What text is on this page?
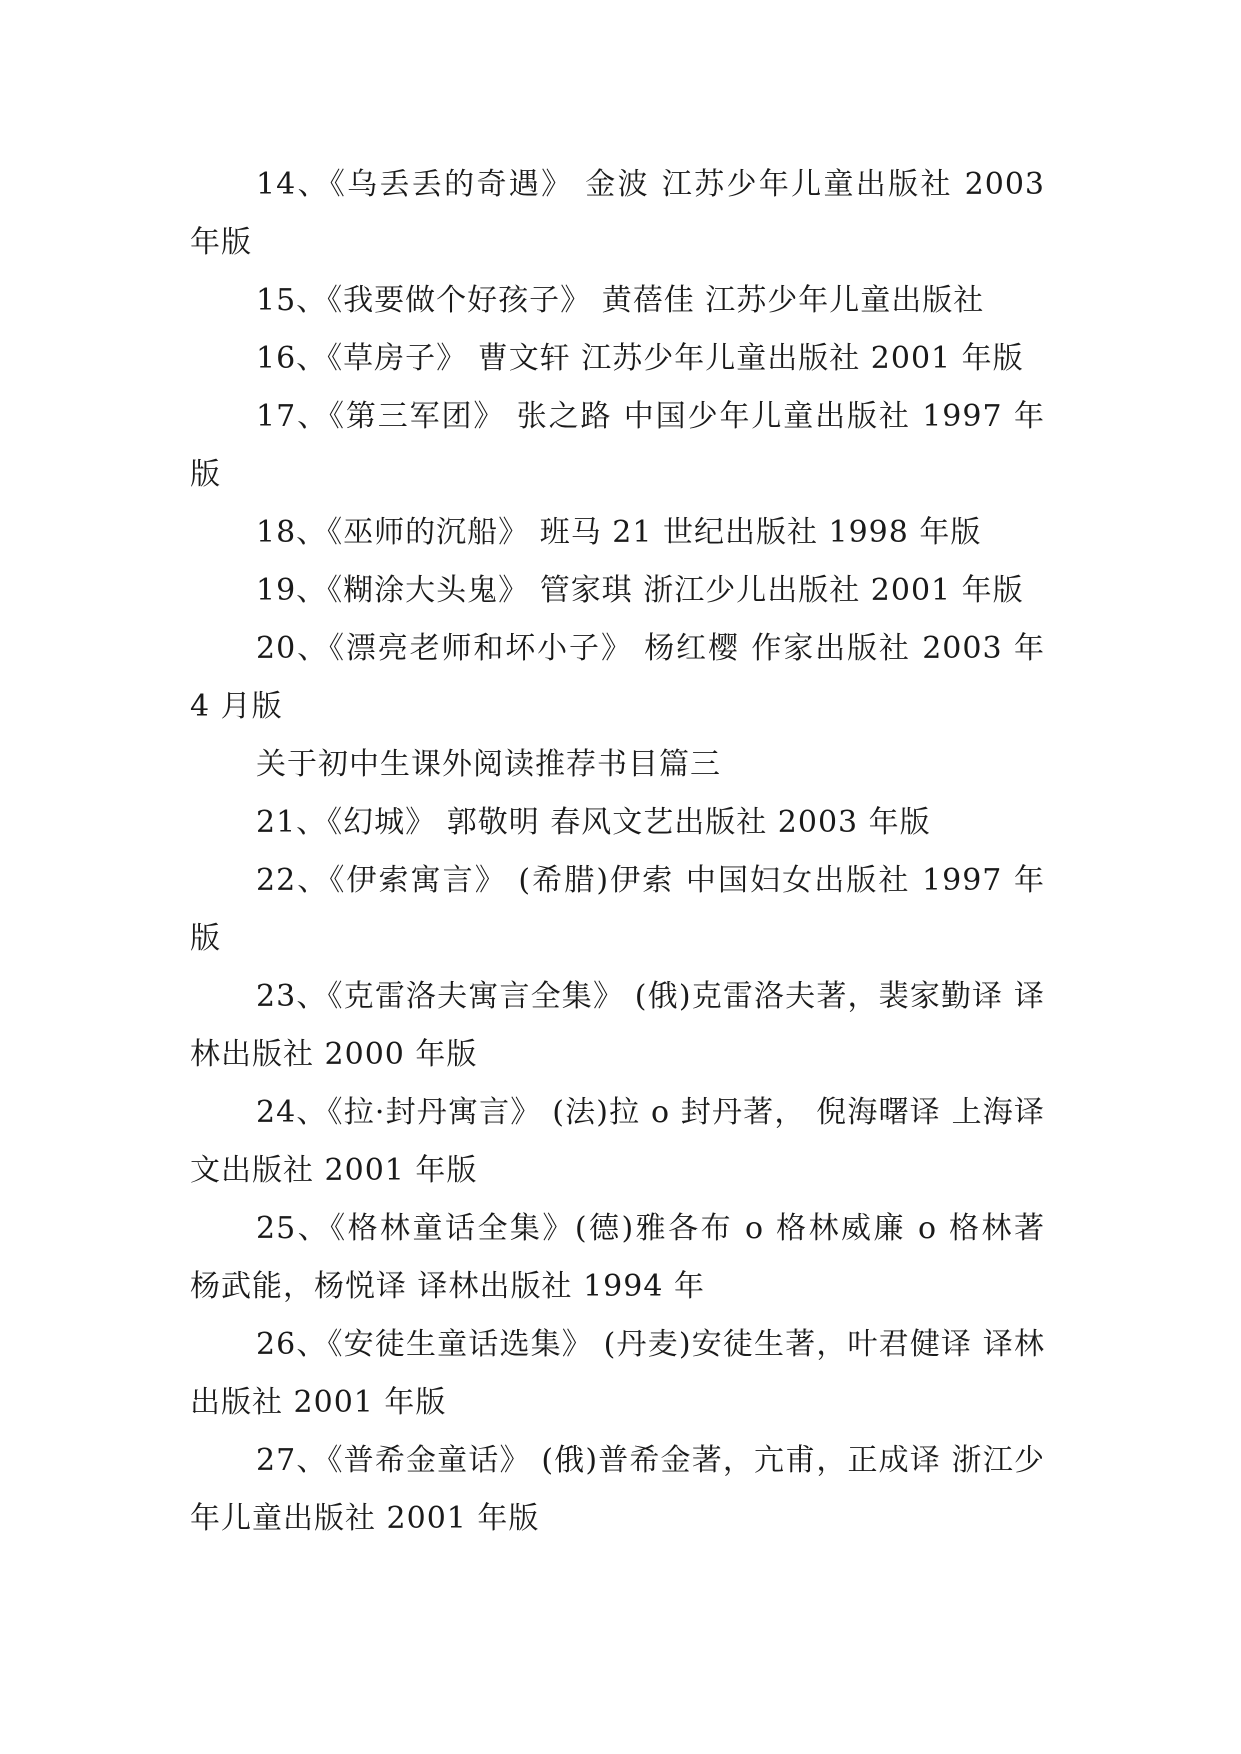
14、《乌丢丢的奇遇》 金波 江苏少年儿童出版社 2003 年版

15、《我要做个好孩子》 黄蓓佳 江苏少年儿童出版社

16、《草房子》 曹文轩 江苏少年儿童出版社 2001 年版

17、《第三军团》 张之路 中国少年儿童出版社 1997 年版

18、《巫师的沉船》 班马 21 世纪出版社 1998 年版

19、《糊涂大头鬼》 管家琪 浙江少儿出版社 2001 年版

20、《漂亮老师和坏小子》 杨红樱 作家出版社 2003 年 4 月版

关于初中生课外阅读推荐书目篇三

21、《幻城》 郭敬明 春风文艺出版社 2003 年版

22、《伊索寓言》 (希腊)伊索 中国妇女出版社 1997 年版

23、《克雷洛夫寓言全集》 (俄)克雷洛夫著，裴家勤译 译林出版社 2000 年版

24、《拉·封丹寓言》 (法)拉 o 封丹著， 倪海曙译 上海译文出版社 2001 年版

25、《格林童话全集》(德)雅各布 o 格林威廉 o 格林著 杨武能，杨悦译 译林出版社 1994 年

26、《安徒生童话选集》 (丹麦)安徒生著，叶君健译 译林出版社 2001 年版

27、《普希金童话》 (俄)普希金著，亢甫，正成译 浙江少年儿童出版社 2001 年版
